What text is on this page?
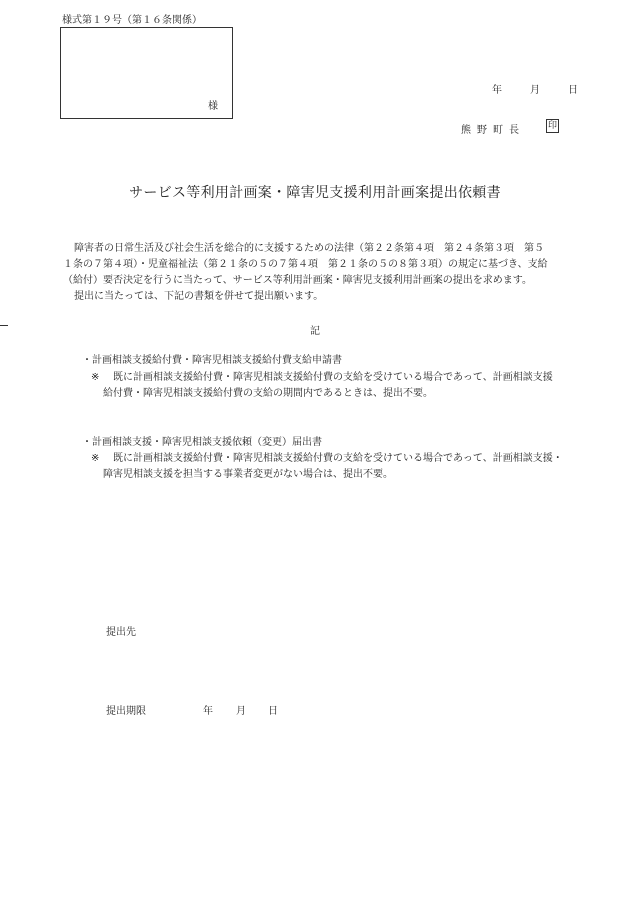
様式第１９号（第１６条関係）
様
年	月	日
熊野町長	印
サービス等利用計画案・障害児支援利用計画案提出依頼書
障害者の日常生活及び社会生活を総合的に支援するための法律（第２２条第４項　第２４条第３項　第５
１条の７第４項）・児童福祉法（第２１条の５の７第４項　第２１条の５の８第３項）の規定に基づき、支給
（給付）要否決定を行うに当たって、サービス等利用計画案・障害児支援利用計画案の提出を求めます。
提出に当たっては、下記の書類を併せて提出願います。
記
・計画相談支援給付費・障害児相談支援給付費支給申請書
※ 既に計画相談支援給付費・障害児相談支援給付費の支給を受けている場合であって、計画相談支援
給付費・障害児相談支援給付費の支給の期間内であるときは、提出不要。
・計画相談支援・障害児相談支援依頼（変更）届出書
※ 既に計画相談支援給付費・障害児相談支援給付費の支給を受けている場合であって、計画相談支援・
障害児相談支援を担当する事業者変更がない場合は、提出不要。
提出先
提出期限	年 月 日
